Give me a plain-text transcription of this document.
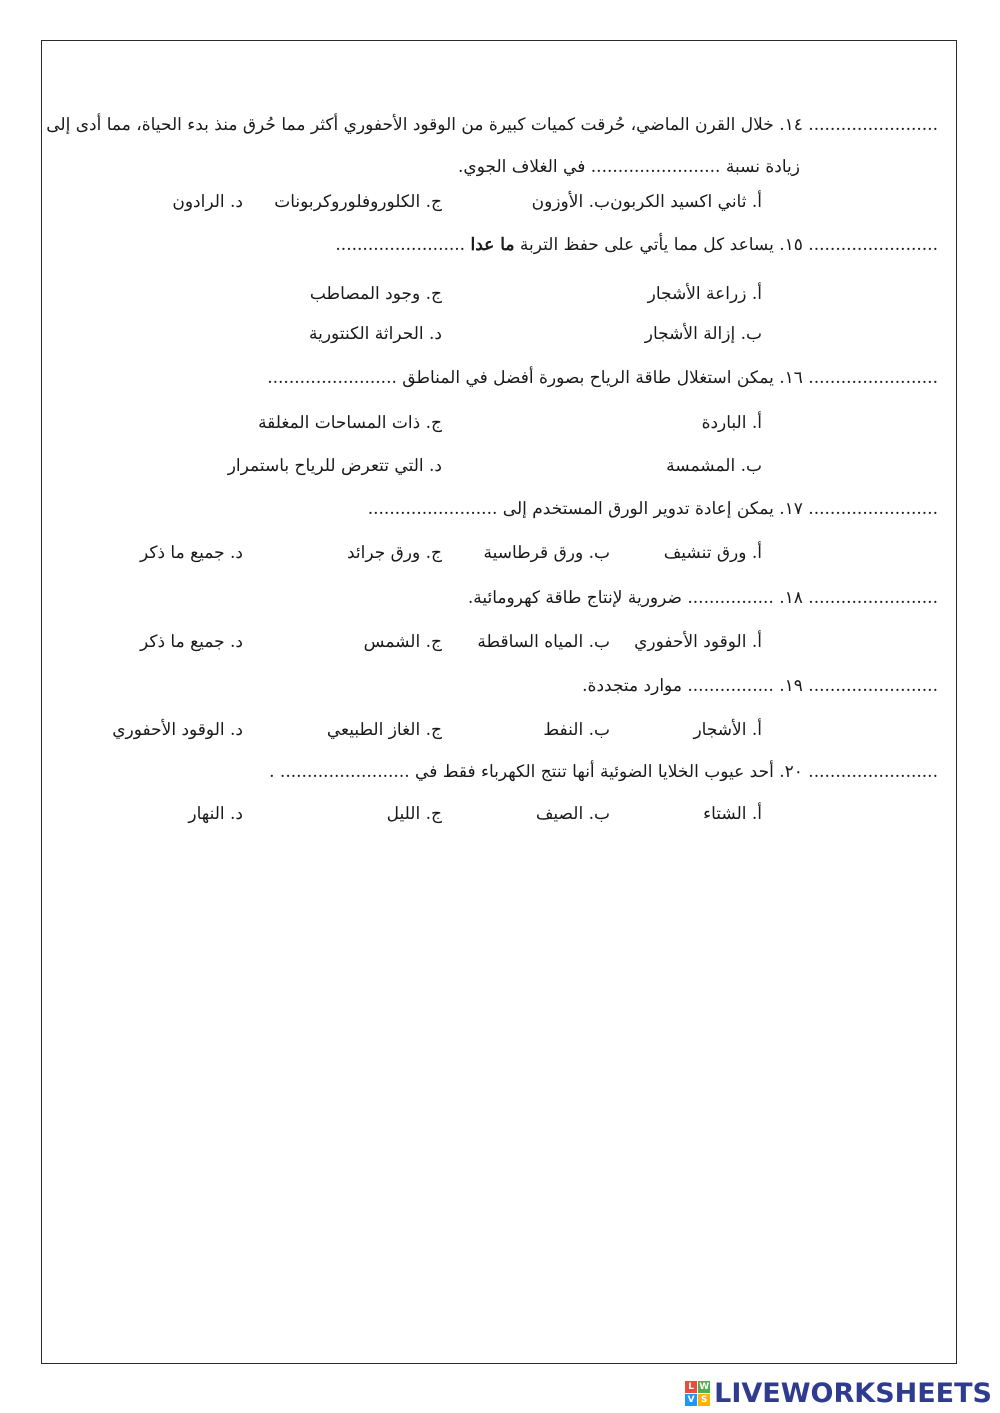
........................ ١٤. خلال القرن الماضي، حُرقت كميات كبيرة من الوقود الأحفوري أكثر مما حُرق منذ بدء الحياة، مما أدى إلى
زيادة نسبة ........................ في الغلاف الجوي.
أ. ثاني اكسيد الكربون
ب. الأوزون
ج. الكلوروفلوروكربونات
د. الرادون
........................ ١٥. يساعد كل مما يأتي على حفظ التربة ما عدا ........................
أ. زراعة الأشجار
ج. وجود المصاطب
ب. إزالة الأشجار
د. الحراثة الكنتورية
........................ ١٦. يمكن استغلال طاقة الرياح بصورة أفضل في المناطق ........................
أ. الباردة
ج. ذات المساحات المغلقة
ب. المشمسة
د. التي تتعرض للرياح باستمرار
........................ ١٧. يمكن إعادة تدوير الورق المستخدم إلى ........................
أ. ورق تنشيف
ب. ورق قرطاسية
ج. ورق جرائد
د. جميع ما ذكر
........................ ١٨. ................ ضرورية لإنتاج طاقة كهرومائية.
أ. الوقود الأحفوري
ب. المياه الساقطة
ج. الشمس
د. جميع ما ذكر
........................ ١٩. ................ موارد متجددة.
أ. الأشجار
ب. النفط
ج. الغاز الطبيعي
د. الوقود الأحفوري
........................ ٢٠. أحد عيوب الخلايا الضوئية أنها تنتج الكهرباء فقط في ........................ .
أ. الشتاء
ب. الصيف
ج. الليل
د. النهار
L W
V S LIVEWORKSHEETS
